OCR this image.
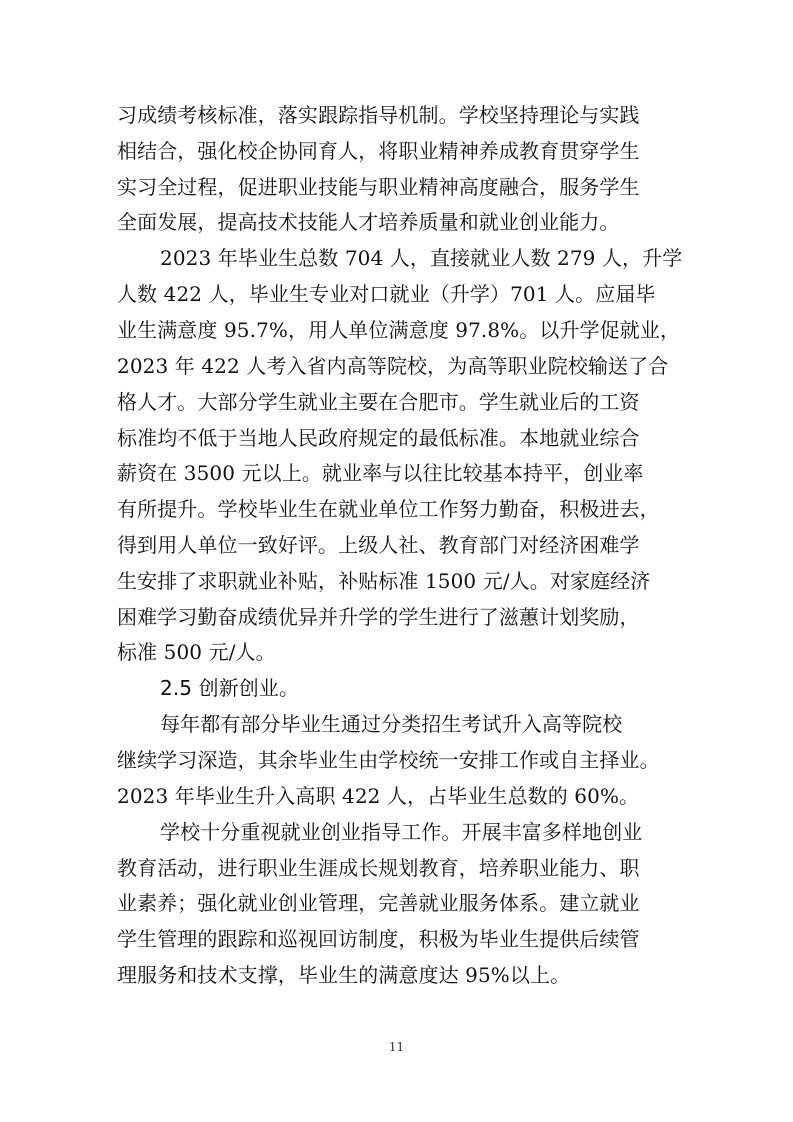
习成绩考核标准，落实跟踪指导机制。学校坚持理论与实践
相结合，强化校企协同育人，将职业精神养成教育贯穿学生
实习全过程，促进职业技能与职业精神高度融合，服务学生
全面发展，提高技术技能人才培养质量和就业创业能力。
2023 年毕业生总数 704 人，直接就业人数 279 人，升学
人数 422 人，毕业生专业对口就业（升学）701 人。应届毕
业生满意度 95.7%，用人单位满意度 97.8%。以升学促就业，
2023 年 422 人考入省内高等院校，为高等职业院校输送了合
格人才。大部分学生就业主要在合肥市。学生就业后的工资
标准均不低于当地人民政府规定的最低标准。本地就业综合
薪资在 3500 元以上。就业率与以往比较基本持平，创业率
有所提升。学校毕业生在就业单位工作努力勤奋，积极进去，
得到用人单位一致好评。上级人社、教育部门对经济困难学
生安排了求职就业补贴，补贴标准 1500 元/人。对家庭经济
困难学习勤奋成绩优异并升学的学生进行了滋蕙计划奖励，
标准 500 元/人。
2.5 创新创业。
每年都有部分毕业生通过分类招生考试升入高等院校
继续学习深造，其余毕业生由学校统一安排工作或自主择业。
2023 年毕业生升入高职 422 人，占毕业生总数的 60%。
学校十分重视就业创业指导工作。开展丰富多样地创业
教育活动，进行职业生涯成长规划教育，培养职业能力、职
业素养；强化就业创业管理，完善就业服务体系。建立就业
学生管理的跟踪和巡视回访制度，积极为毕业生提供后续管
理服务和技术支撑，毕业生的满意度达 95%以上。
11
